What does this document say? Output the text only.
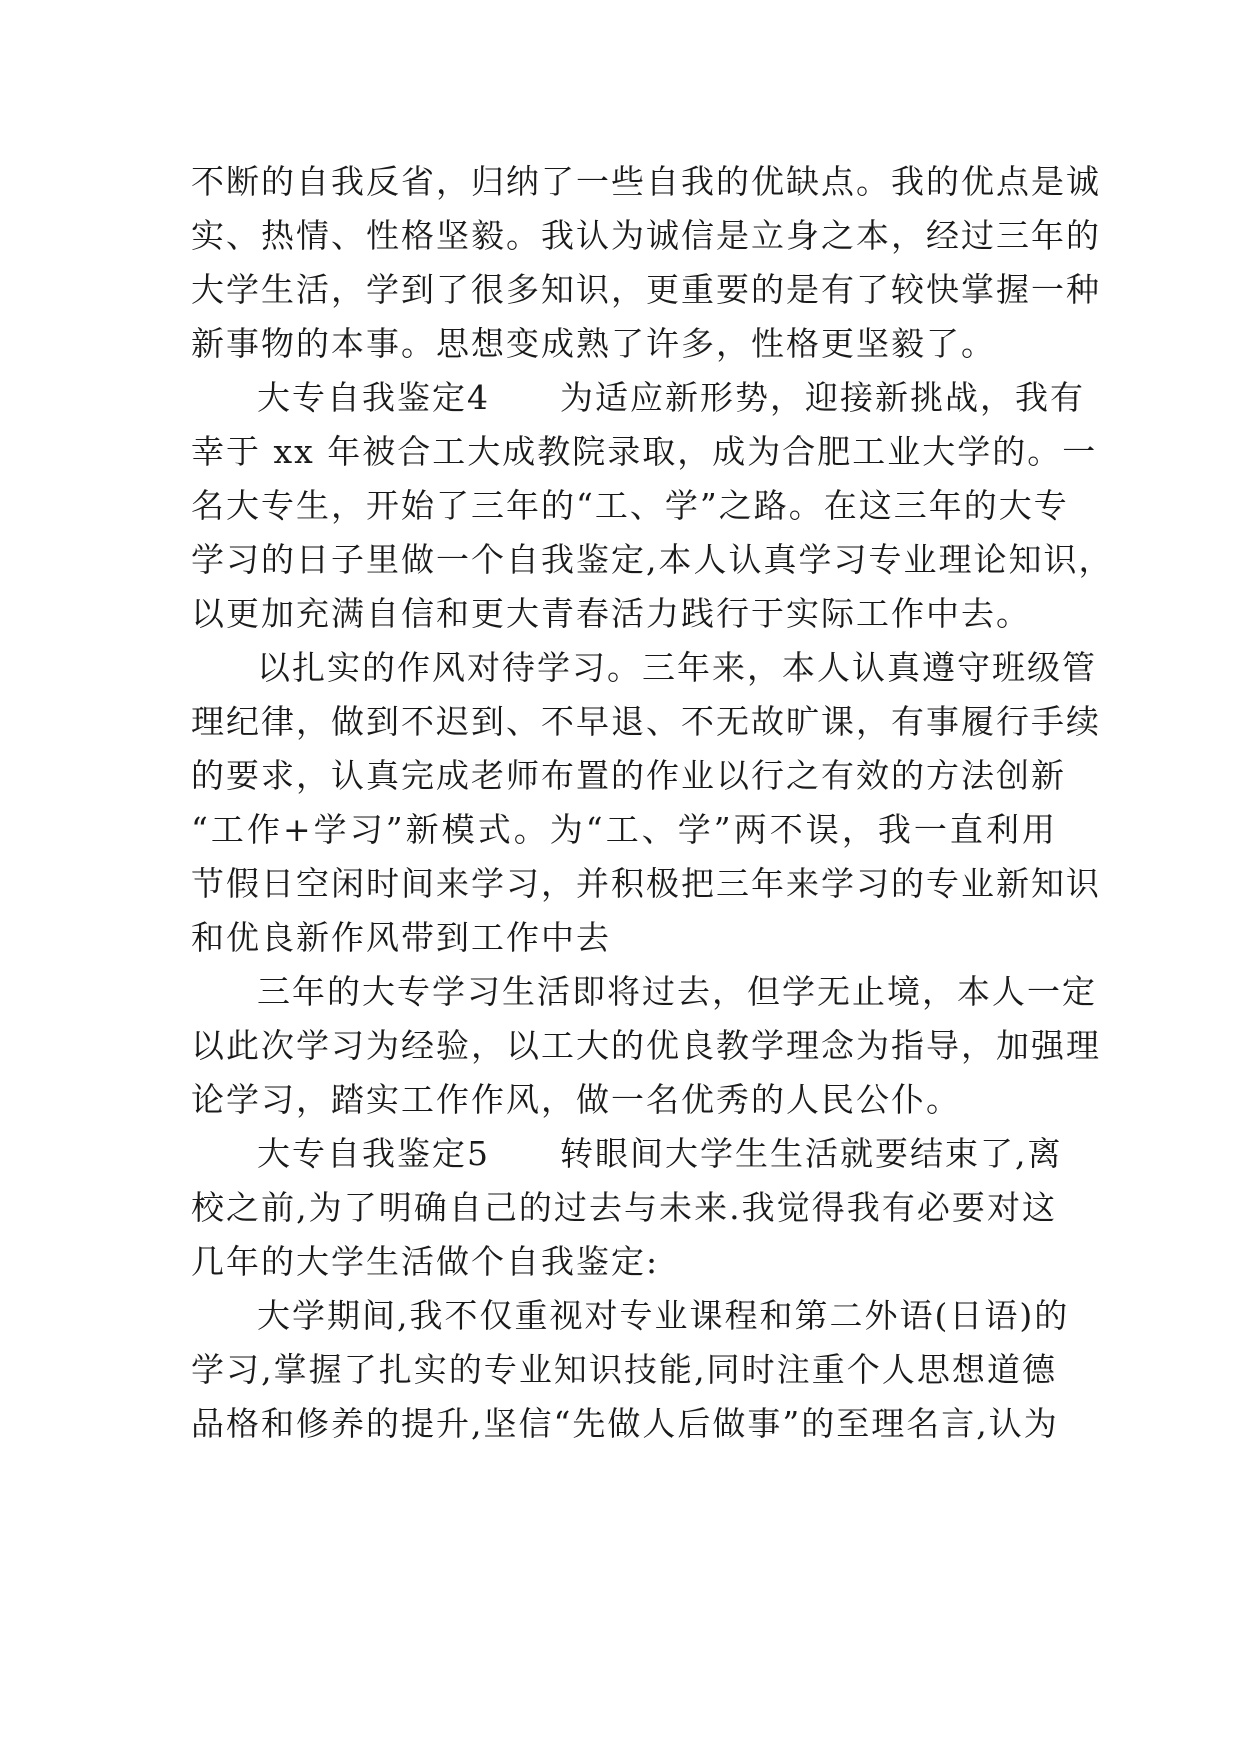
不断的自我反省，归纳了一些自我的优缺点。我的优点是诚
实、热情、性格坚毅。我认为诚信是立身之本，经过三年的
大学生活，学到了很多知识，更重要的是有了较快掌握一种
新事物的本事。思想变成熟了许多，性格更坚毅了。
大专自我鉴定4 为适应新形势，迎接新挑战，我有
幸于 xx 年被合工大成教院录取，成为合肥工业大学的。一
名大专生，开始了三年的“工、学”之路。在这三年的大专
学习的日子里做一个自我鉴定,本人认真学习专业理论知识，
以更加充满自信和更大青春活力践行于实际工作中去。
以扎实的作风对待学习。三年来，本人认真遵守班级管
理纪律，做到不迟到、不早退、不无故旷课，有事履行手续
的要求，认真完成老师布置的作业以行之有效的方法创新
“工作+学习”新模式。为“工、学”两不误，我一直利用
节假日空闲时间来学习，并积极把三年来学习的专业新知识
和优良新作风带到工作中去
三年的大专学习生活即将过去，但学无止境，本人一定
以此次学习为经验，以工大的优良教学理念为指导，加强理
论学习，踏实工作作风，做一名优秀的人民公仆。
大专自我鉴定5 转眼间大学生生活就要结束了,离
校之前,为了明确自己的过去与未来.我觉得我有必要对这
几年的大学生活做个自我鉴定:
大学期间,我不仅重视对专业课程和第二外语(日语)的
学习,掌握了扎实的专业知识技能,同时注重个人思想道德
品格和修养的提升,坚信“先做人后做事”的至理名言,认为
